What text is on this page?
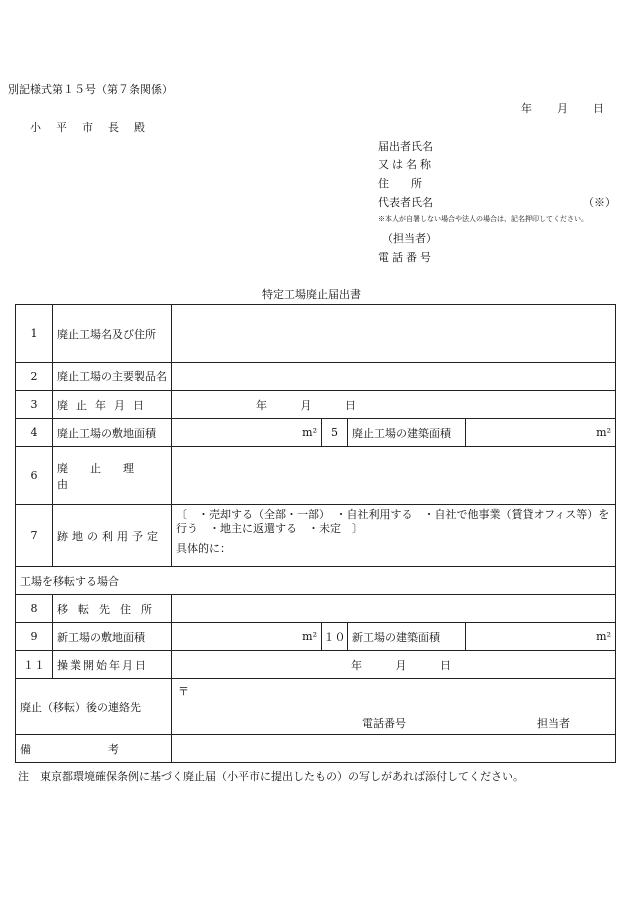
別記様式第１５号（第７条関係）
年 月 日
小　平　市　長　殿
届出者氏名
又は名称
住　　所
代表者氏名	（※）
※本人が自署しない場合や法人の場合は、記名押印してください。
（担当者）
電話番号
特定工場廃止届出書
1	廃止工場名及び住所				
2	廃止工場の主要製品名				
3	廃止年月日	年 月 日			
4	廃止工場の敷地面積	m²	5	廃止工場の建築面積	m²
6	廃止理由				
7	跡地の利用予定	〔　・売却する（全部・一部）　・自社利用する　・自社で他事業（賃貸オフィス等）を行う　・地主に返還する　・未定　〕
具体的に：			

工場を移転する場合					
8	移転先住所				
9	新工場の敷地面積	m²	１０	新工場の建築面積	m²
１１	操業開始年月日	年 月 日			
廃止（移転）後の連絡先		〒
電話番号 担当者			

備　　　　　　　考					
注　東京都環境確保条例に基づく廃止届（小平市に提出したもの）の写しがあれば添付してください。
